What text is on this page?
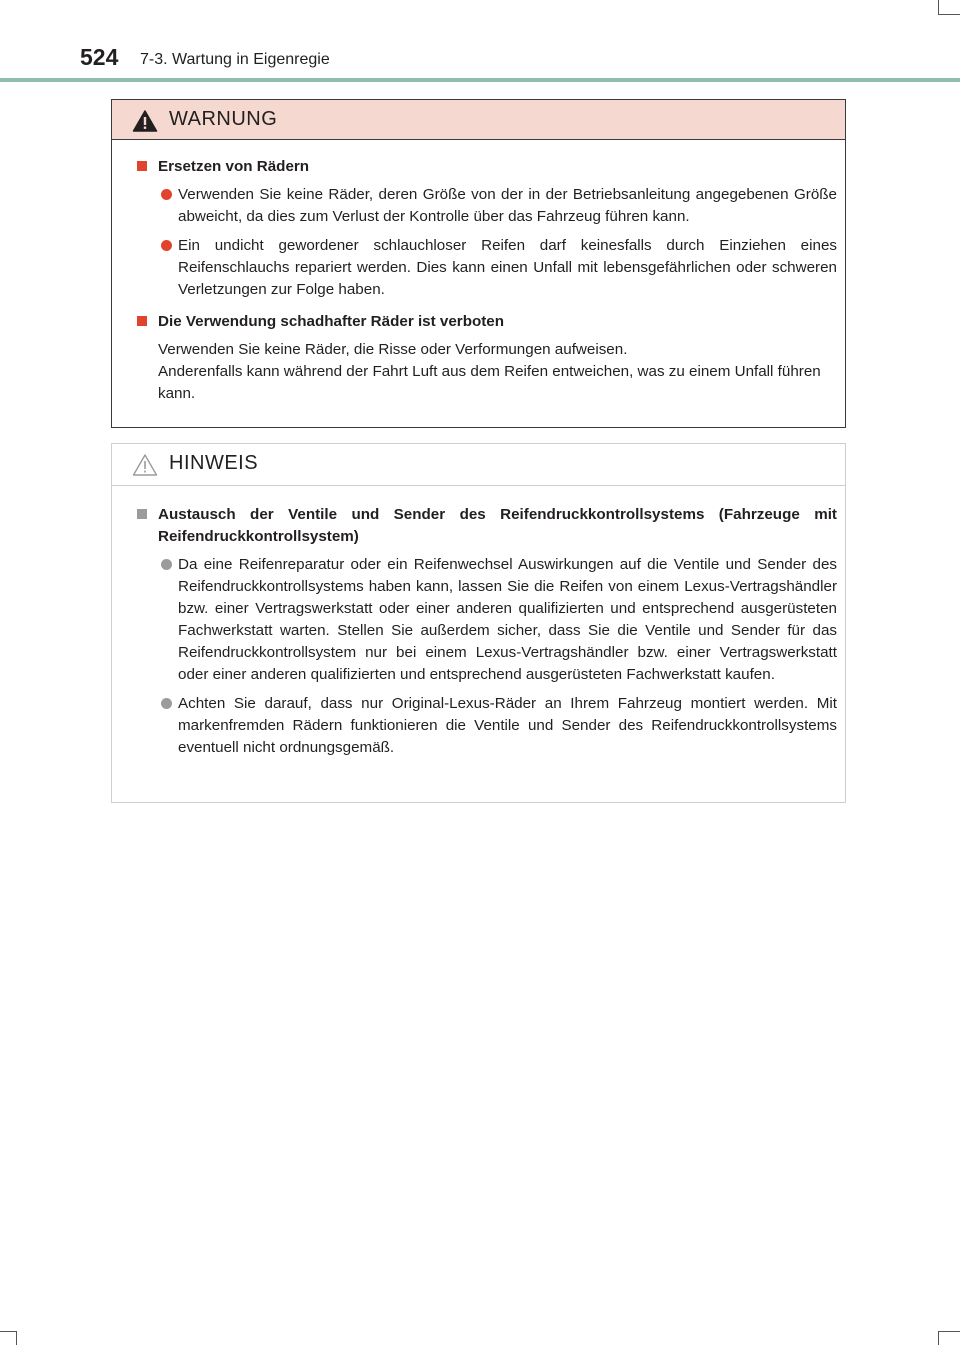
524 7-3. Wartung in Eigenregie
WARNUNG
Ersetzen von Rädern
Verwenden Sie keine Räder, deren Größe von der in der Betriebsanleitung angegebenen Größe abweicht, da dies zum Verlust der Kontrolle über das Fahrzeug führen kann.
Ein undicht gewordener schlauchloser Reifen darf keinesfalls durch Einziehen eines Reifenschlauchs repariert werden. Dies kann einen Unfall mit lebensgefährlichen oder schweren Verletzungen zur Folge haben.
Die Verwendung schadhafter Räder ist verboten

Verwenden Sie keine Räder, die Risse oder Verformungen aufweisen.

Anderenfalls kann während der Fahrt Luft aus dem Reifen entweichen, was zu einem Unfall führen kann.

HINWEIS
Austausch der Ventile und Sender des Reifendruckkontrollsystems (Fahrzeuge mit Reifendruckkontrollsystem)
Da eine Reifenreparatur oder ein Reifenwechsel Auswirkungen auf die Ventile und Sender des Reifendruckkontrollsystems haben kann, lassen Sie die Reifen von einem Lexus-Vertragshändler bzw. einer Vertragswerkstatt oder einer anderen qualifizierten und entsprechend ausgerüsteten Fachwerkstatt warten. Stellen Sie außerdem sicher, dass Sie die Ventile und Sender für das Reifendruckkontrollsystem nur bei einem Lexus-Vertragshändler bzw. einer Vertragswerkstatt oder einer anderen qualifizierten und entsprechend ausgerüsteten Fachwerkstatt kaufen.
Achten Sie darauf, dass nur Original-Lexus-Räder an Ihrem Fahrzeug montiert werden. Mit markenfremden Rädern funktionieren die Ventile und Sender des Reifendruckkontrollsystems eventuell nicht ordnungsgemäß.
